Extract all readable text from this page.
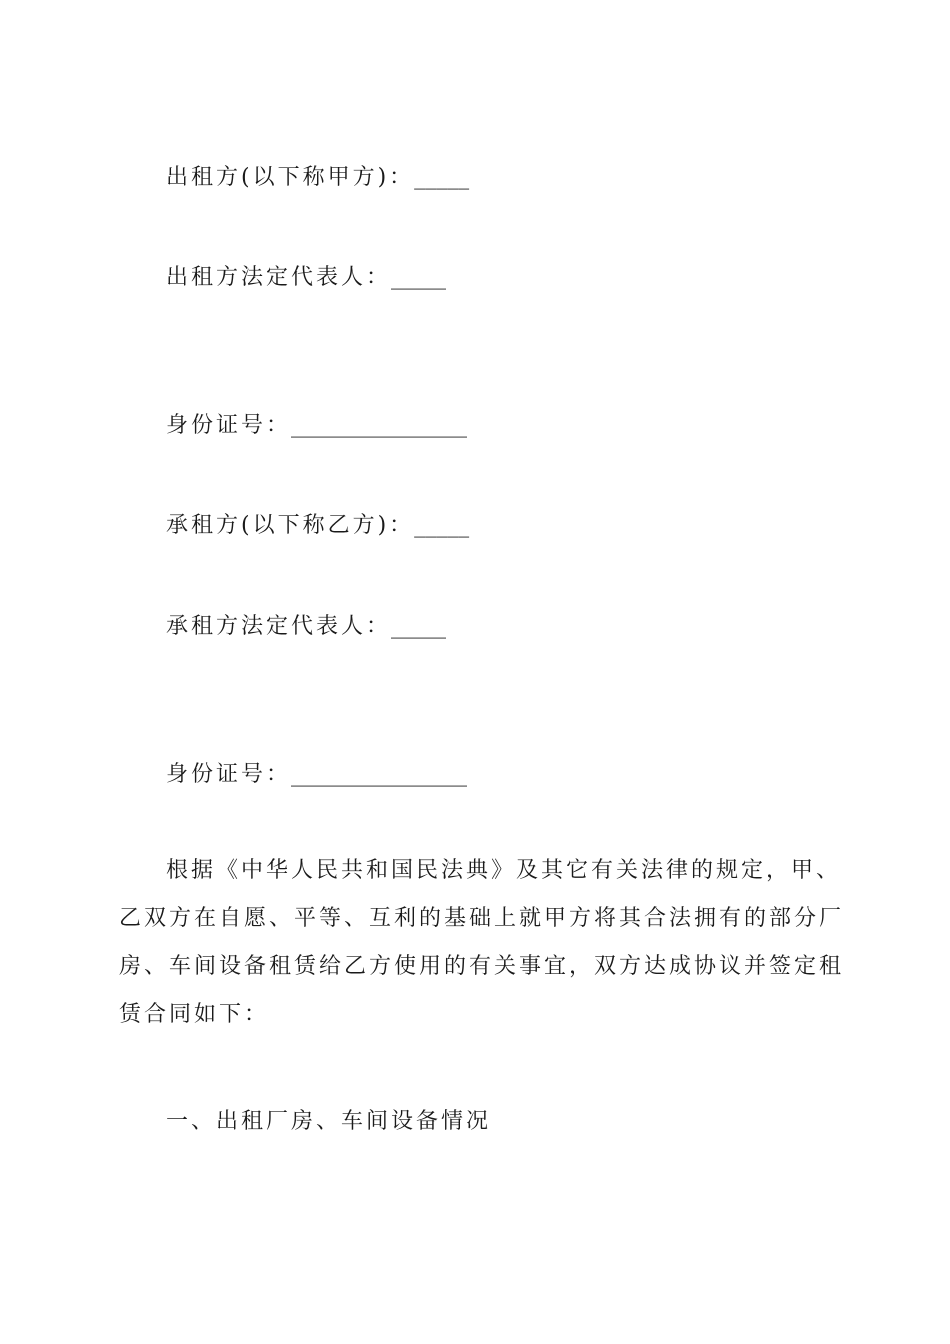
出租方(以下称甲方)：_____

出租方法定代表人：_____

身份证号：________________

承租方(以下称乙方)：_____

承租方法定代表人：_____

身份证号：________________

根据《中华人民共和国民法典》及其它有关法律的规定，甲、
乙双方在自愿、平等、互利的基础上就甲方将其合法拥有的部分厂
房、车间设备租赁给乙方使用的有关事宜，双方达成协议并签定租
赁合同如下：

一、出租厂房、车间设备情况
